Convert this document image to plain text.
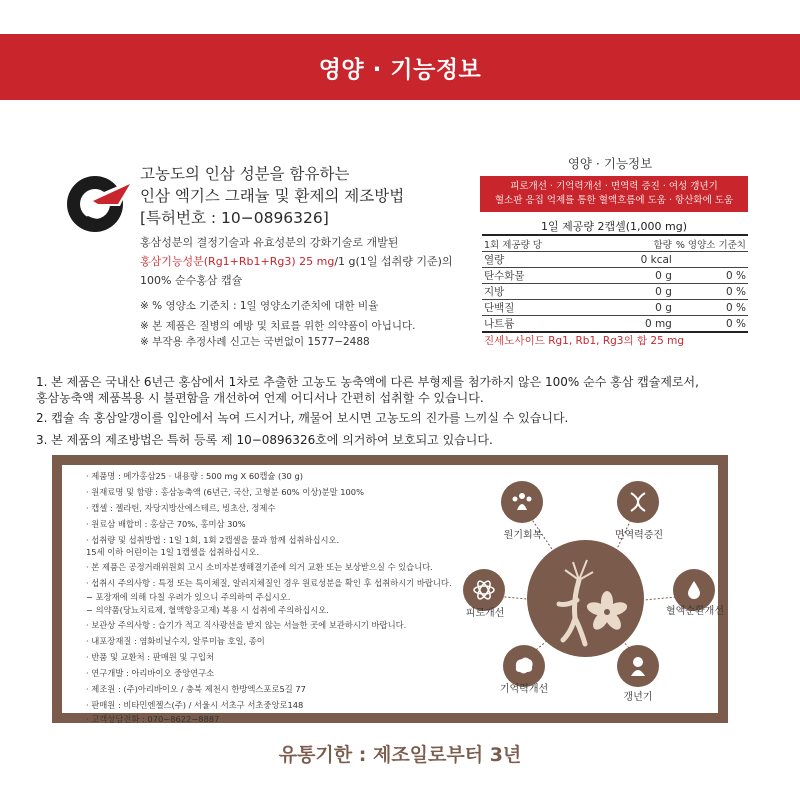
영양 · 기능정보
고농도의 인삼 성분을 함유하는
인삼 엑기스 그래뉼 및 환제의 제조방법
[특허번호 : 10−0896326]
홍삼성분의 결정기술과 유효성분의 강화기술로 개발된
홍삼기능성분(Rg1+Rb1+Rg3) 25 mg/1 g(1일 섭취량 기준)의
100% 순수홍삼 캡슐
※ % 영양소 기준치 : 1일 영양소기준치에 대한 비율
※ 본 제품은 질병의 예방 및 치료를 위한 의약품이 아닙니다.
※ 부작용 추정사례 신고는 국번없이 1577−2488
영양 · 기능정보
피로개선 · 기억력개선 · 면역력 증진 · 여성 갱년기
혈소판 응집 억제를 통한 혈액흐름에 도움 · 항산화에 도움
1일 제공량 2캡셀(1,000 mg)
1회 제공량 당	함량	% 영양소 기준치
열량	0 kcal	
탄수화물	0 g	0 %
지방	0 g	0 %
단백질	0 g	0 %
나트륨	0 mg	0 %
진세노사이드 Rg1, Rb1, Rg3의 합 25 mg
1. 본 제품은 국내산 6년근 홍삼에서 1차로 추출한 고농도 농축액에 다른 부형제를 첨가하지 않은 100% 순수 홍삼 캡슐제로서,
홍삼농축액 제품복용 시 불편함을 개선하여 언제 어디서나 간편히 섭취할 수 있습니다.
2. 캡슐 속 홍삼알갱이를 입안에서 녹여 드시거나, 깨물어 보시면 고농도의 진가를 느끼실 수 있습니다.
3. 본 제품의 제조방법은 특허 등록 제 10−0896326호에 의거하여 보호되고 있습니다.
· 제품명 : 메가홍삼25 · 내용량 : 500 mg X 60캡슐 (30 g)
· 원재료명 및 함량 : 홍삼농축액 (6년근, 국산, 고형분 60% 이상)분말 100%
· 캡셀 : 젤라틴, 자당지방산에스테르, 빙초산, 정제수
· 원료삼 배합비 : 홍삼근 70%, 홍미삼 30%
· 섭취량 및 섭취방법 : 1일 1회, 1회 2캡셀을 물과 함께 섭취하십시오.
15세 이하 어린이는 1일 1캡셀을 섭취하십시오.
· 본 제품은 공정거래위원회 고시 소비자분쟁해결기준에 의거 교환 또는 보상받으실 수 있습니다.
· 섭취시 주의사항 : 특정 또는 특이체질, 알러지체질인 경우 원료성분을 확인 후 섭취하시기 바랍니다.
− 포장재에 의해 다칠 우려가 있으니 주의하여 주십시오.
− 의약품(당뇨치료제, 혈액항응고제) 복용 시 섭취에 주의하십시오.
· 보관상 주의사항 : 습기가 적고 직사광선을 받지 않는 서늘한 곳에 보관하시기 바랍니다.
· 내포장재질 : 염화비닐수지, 알루미늄 호일, 종이
· 반품 및 교환처 : 판매원 및 구입처
· 연구개발 : 아리바이오 중앙연구소
· 제조원 : (주)아리바이오 / 충북 제천시 한방엑스포로5길 77
· 판매원 : 비타민엔젤스(주) / 서울시 서초구 서초중앙로148
· 고객상담전화 : 070−8622−8887
원기회복	면역력증진
피로개선	혈액순환개선
기억력개선
갱년기
유통기한 : 제조일로부터 3년
